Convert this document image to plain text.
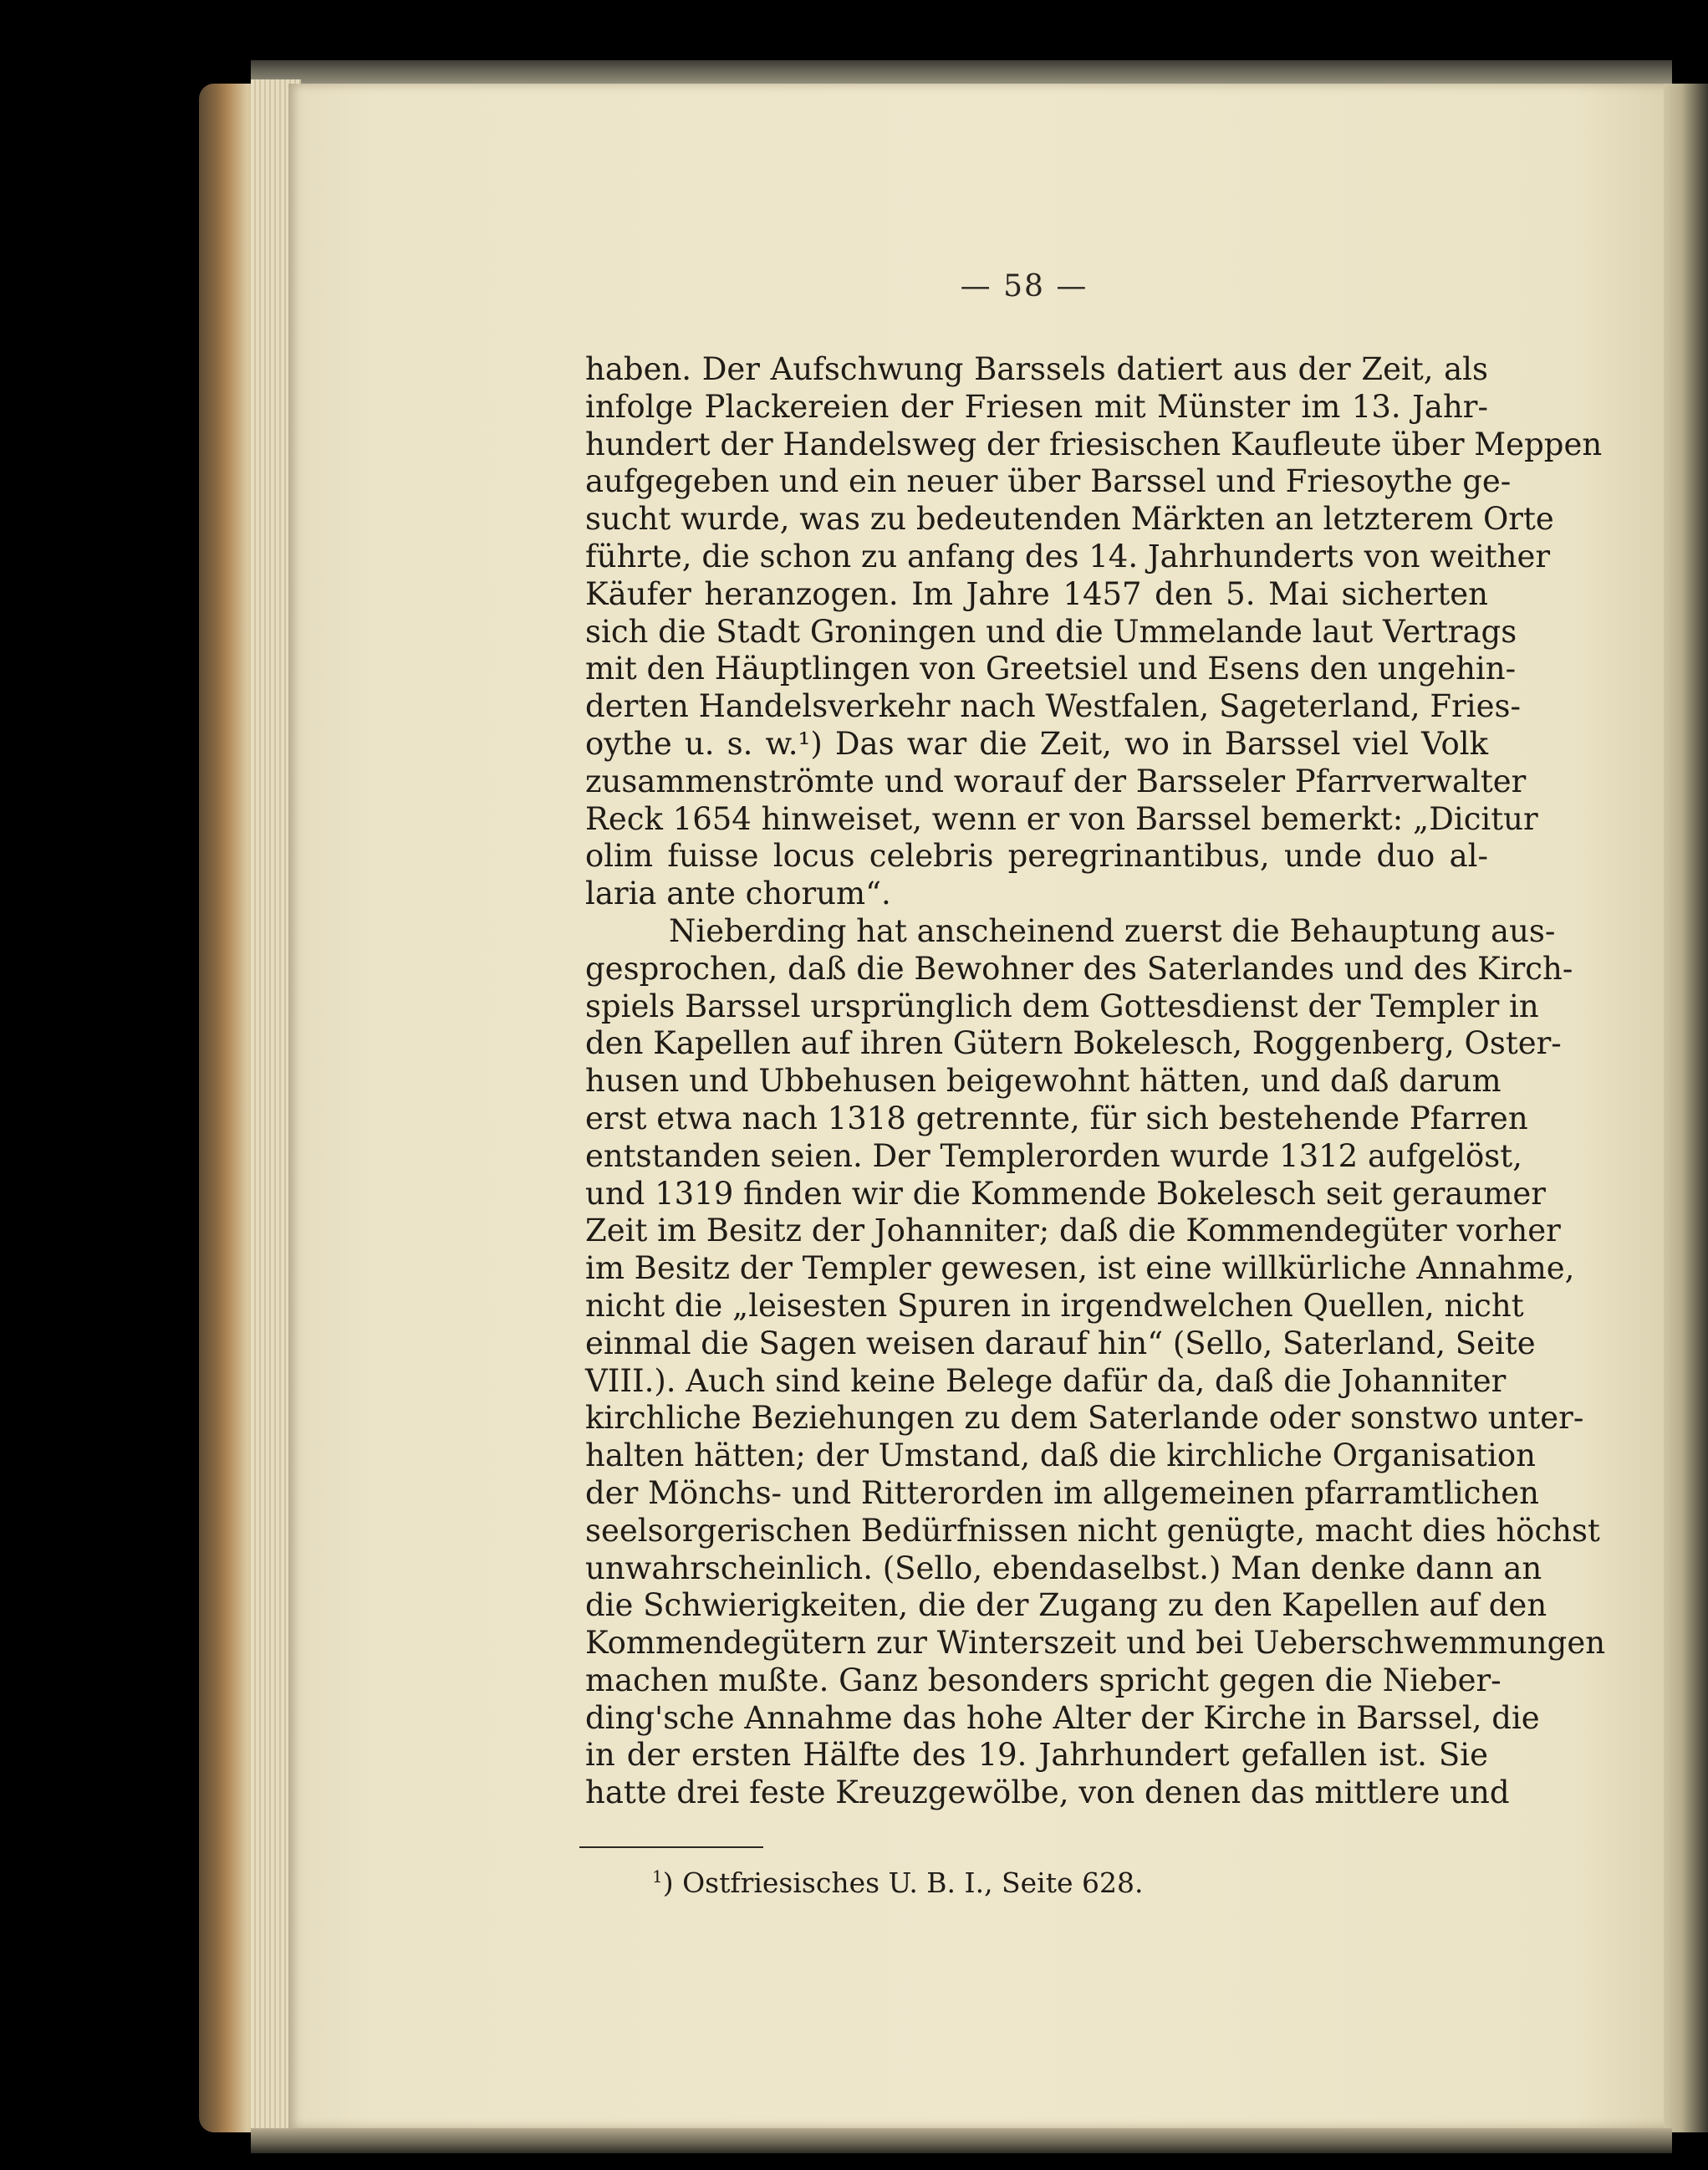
— 58 —
haben. Der Aufschwung Barssels datiert aus der Zeit, als
infolge Plackereien der Friesen mit Münster im 13. Jahr-
hundert der Handelsweg der friesischen Kaufleute über Meppen
aufgegeben und ein neuer über Barssel und Friesoythe ge-
sucht wurde, was zu bedeutenden Märkten an letzterem Orte
führte, die schon zu anfang des 14. Jahrhunderts von weither
Käufer heranzogen. Im Jahre 1457 den 5. Mai sicherten
sich die Stadt Groningen und die Ummelande laut Vertrags
mit den Häuptlingen von Greetsiel und Esens den ungehin-
derten Handelsverkehr nach Westfalen, Sageterland, Fries-
oythe u. s. w.¹) Das war die Zeit, wo in Barssel viel Volk
zusammenströmte und worauf der Barsseler Pfarrverwalter
Reck 1654 hinweiset, wenn er von Barssel bemerkt: „Dicitur
olim fuisse locus celebris peregrinantibus, unde duo al-
laria ante chorum“.
Nieberding hat anscheinend zuerst die Behauptung aus-
gesprochen, daß die Bewohner des Saterlandes und des Kirch-
spiels Barssel ursprünglich dem Gottesdienst der Templer in
den Kapellen auf ihren Gütern Bokelesch, Roggenberg, Oster-
husen und Ubbehusen beigewohnt hätten, und daß darum
erst etwa nach 1318 getrennte, für sich bestehende Pfarren
entstanden seien. Der Templerorden wurde 1312 aufgelöst,
und 1319 finden wir die Kommende Bokelesch seit geraumer
Zeit im Besitz der Johanniter; daß die Kommendegüter vorher
im Besitz der Templer gewesen, ist eine willkürliche Annahme,
nicht die „leisesten Spuren in irgendwelchen Quellen, nicht
einmal die Sagen weisen darauf hin“ (Sello, Saterland, Seite
VIII.). Auch sind keine Belege dafür da, daß die Johanniter
kirchliche Beziehungen zu dem Saterlande oder sonstwo unter-
halten hätten; der Umstand, daß die kirchliche Organisation
der Mönchs- und Ritterorden im allgemeinen pfarramtlichen
seelsorgerischen Bedürfnissen nicht genügte, macht dies höchst
unwahrscheinlich. (Sello, ebendaselbst.) Man denke dann an
die Schwierigkeiten, die der Zugang zu den Kapellen auf den
Kommendegütern zur Winterszeit und bei Ueberschwemmungen
machen mußte. Ganz besonders spricht gegen die Nieber-
ding'sche Annahme das hohe Alter der Kirche in Barssel, die
in der ersten Hälfte des 19. Jahrhundert gefallen ist. Sie
hatte drei feste Kreuzgewölbe, von denen das mittlere und
$^1$) Ostfriesisches U. B. I., Seite 628.
